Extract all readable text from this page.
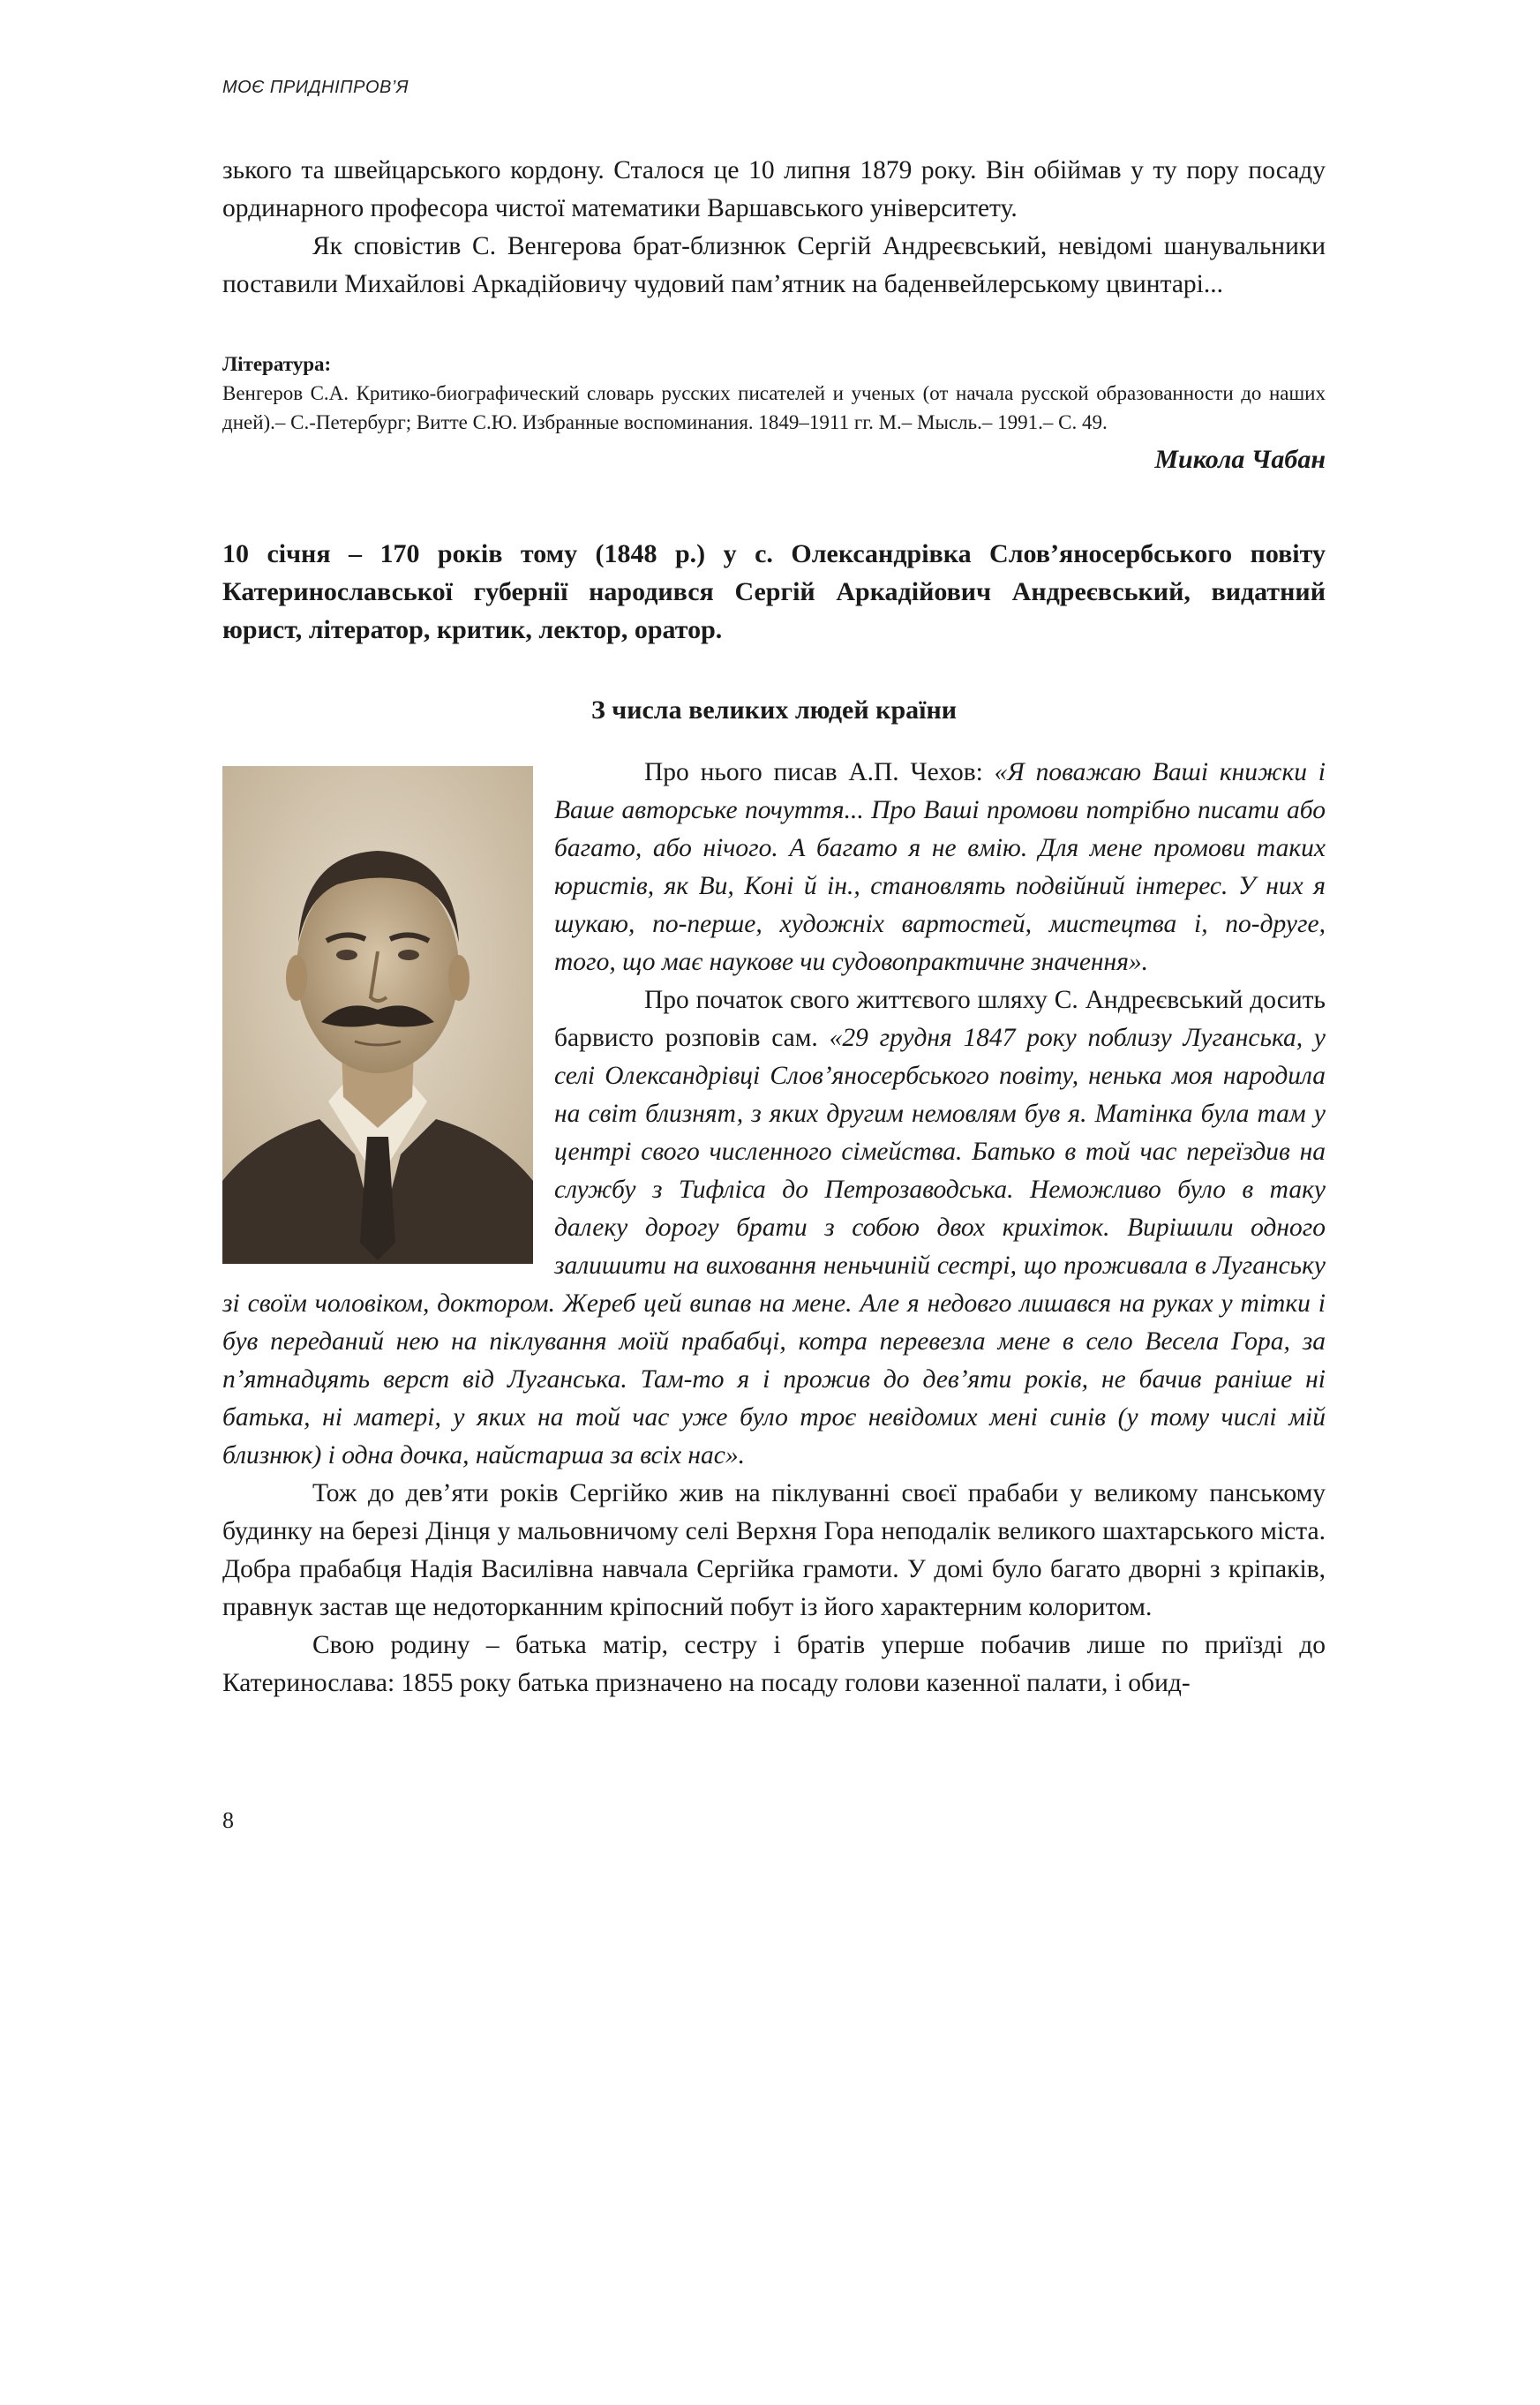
МОЄ ПРИДНІПРОВ’Я

зького та швейцарського кордону. Сталося це 10 липня 1879 року. Він обіймав у ту пору посаду ординарного професора чистої математики Варшавського університету.

Як сповістив С. Венгерова брат-близнюк Сергій Андреєвський, невідомі шанувальники поставили Михайлові Аркадійовичу чудовий пам’ятник на баденвейлерському цвинтарі...

Література:
Венгеров С.А. Критико-биографический словарь русских писателей и ученых (от начала русской образованности до наших дней).– С.-Петербург; Витте С.Ю. Избранные воспоминания. 1849–1911 гг. М.– Мысль.– 1991.– С. 49.

Микола Чабан

10 січня – 170 років тому (1848 р.) у с. Олександрівка Слов’яносербського повіту Катеринославської губернії народився Сергій Аркадійович Андреєвський, видатний юрист, літератор, критик, лектор, оратор.

З числа великих людей країни

Про нього писав А.П. Чехов: «Я поважаю Ваші книжки і Ваше авторське почуття... Про Ваші промови потрібно писати або багато, або нічого. А багато я не вмію. Для мене промови таких юристів, як Ви, Коні й ін., становлять подвійний інтерес. У них я шукаю, по-перше, художніх вартостей, мистецтва і, по-друге, того, що має наукове чи судовопрактичне значення».

Про початок свого життєвого шляху С. Андреєвський досить барвисто розповів сам. «29 грудня 1847 року поблизу Луганська, у селі Олександрівці Слов’яносербського повіту, ненька моя народила на світ близнят, з яких другим немовлям був я. Матінка була там у центрі свого численного сімейства. Батько в той час переїздив на службу з Тифліса до Петрозаводська. Неможливо було в таку далеку дорогу брати з собою двох крихіток. Вирішили одного залишити на виховання неньчиній сестрі, що проживала в Луганську зі своїм чоловіком, доктором. Жереб цей випав на мене. Але я недовго лишався на руках у тітки і був переданий нею на піклування моїй прабабці, котра перевезла мене в село Весела Гора, за п’ятнадцять верст від Луганська. Там-то я і прожив до дев’яти років, не бачив раніше ні батька, ні матері, у яких на той час уже було троє невідомих мені синів (у тому числі мій близнюк) і одна дочка, найстарша за всіх нас».

Тож до дев’яти років Сергійко жив на піклуванні своєї прабаби у великому панському будинку на березі Дінця у мальовничому селі Верхня Гора неподалік великого шахтарського міста. Добра прабабця Надія Василівна навчала Сергійка грамоти. У домі було багато дворні з кріпаків, правнук застав ще недоторканним кріпосний побут із його характерним колоритом.

Свою родину – батька матір, сестру і братів уперше побачив лише по приїзді до Катеринослава: 1855 року батька призначено на посаду голови казенної палати, і обид-

8
